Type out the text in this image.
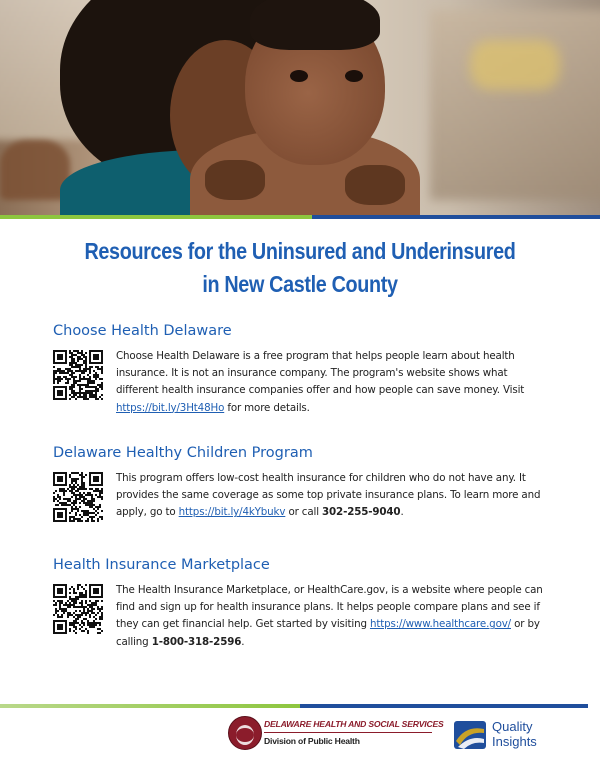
Resources for the Uninsured and Underinsured
in New Castle County
Choose Health Delaware

Choose Health Delaware is a free program that helps people learn about health insurance. It is not an insurance company. The program's website shows what different health insurance companies offer and how people can save money. Visit https://bit.ly/3Ht48Ho for more details.

Delaware Healthy Children Program

This program offers low-cost health insurance for children who do not have any. It provides the same coverage as some top private insurance plans. To learn more and apply, go to https://bit.ly/4kYbukv or call 302-255-9040.

Health Insurance Marketplace

The Health Insurance Marketplace, or HealthCare.gov, is a website where people can find and sign up for health insurance plans. It helps people compare plans and see if they can get financial help. Get started by visiting https://www.healthcare.gov/ or by calling 1-800-318-2596.

DELAWARE HEALTH AND SOCIAL SERVICES
Division of Public Health
Quality
Insights
